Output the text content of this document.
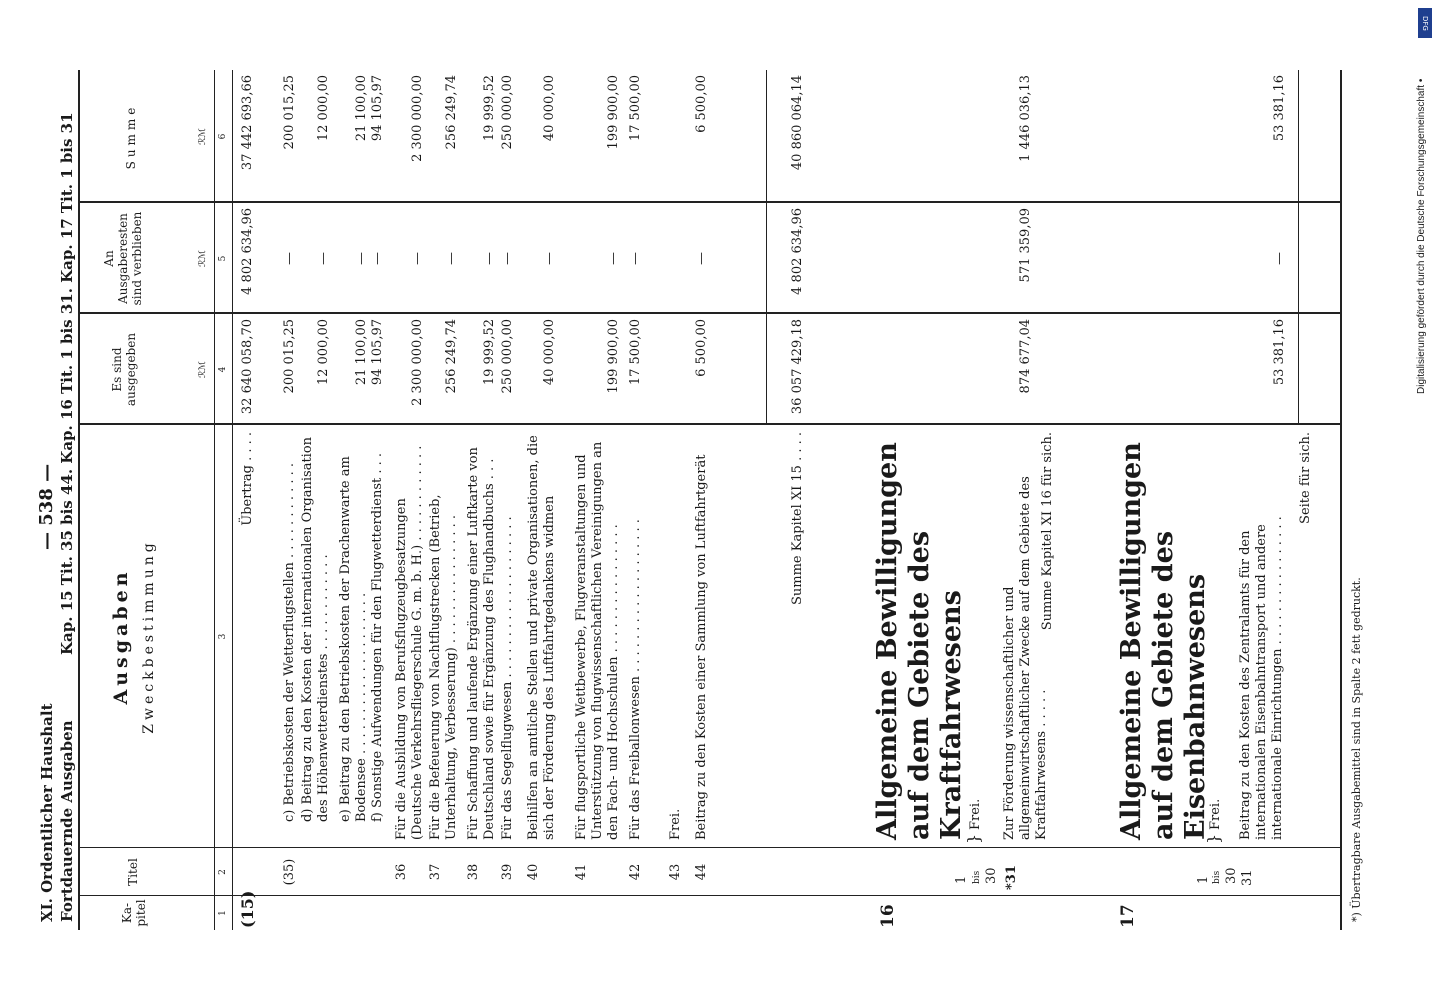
XI. Ordentlicher Haushalt Fortdauernde Ausgaben
— 538 — Kap. 15 Tit. 35 bis 44. Kap. 16 Tit. 1 bis 31. Kap. 17 Tit. 1 bis 31
Ka-
pitel
Titel
Ausgaben Zweckbestimmung
Es sind
ausgegeben
An
Ausgaberesten
sind verblieben
Summe
ℛℳ
ℛℳ
ℛℳ
1
2
3
4
5
6
(15)
Übertrag . . . .
32 640 058,70
4 802 634,96
37 442 693,66
(35)
c) Betriebskosten der Wetterflugstellen . . . . . . . . . . . .
200 015,25
—
200 015,25
d) Beitrag zu den Kosten der internationalen Organisation des Höhenwetterdienstes . . . . . . . . . . . .
12 000,00
—
12 000,00
e) Beitrag zu den Betriebskosten der Drachenwarte am Bodensee . . . . . . . . . . . . . . . . . . . .
21 100,00
—
21 100,00
f) Sonstige Aufwendungen für den Flugwetterdienst . . .
94 105,97
—
94 105,97
36
Für die Ausbildung von Berufsflugzeugbesatzungen (Deutsche Verkehrsfliegerschule G. m. b. H.) . . . . . . . . . . . .
2 300 000,00
—
2 300 000,00
37
Für die Befeuerung von Nachtflugstrecken (Betrieb, Unterhaltung, Verbesserung) . . . . . . . . . . . . . . . .
256 249,74
—
256 249,74
38
Für Schaffung und laufende Ergänzung einer Luftkarte von Deutschland sowie für Ergänzung des Flughandbuchs . . .
19 999,52
—
19 999,52
39
Für das Segelflugwesen . . . . . . . . . . . . . . . . . . . .
250 000,00
—
250 000,00
40
Beihilfen an amtliche Stellen und private Organisationen, die sich der Förderung des Luftfahrtgedankens widmen
40 000,00
—
40 000,00
41
Für flugsportliche Wettbewerbe, Flugveranstaltungen und Unterstützung von flugwissenschaftlichen Vereinigungen an den Fach- und Hochschulen . . . . . . . . . . . . . . . .
199 900,00
—
199 900,00
42
Für das Freiballonwesen . . . . . . . . . . . . . . . . . . .
17 500,00
—
17 500,00
43
Frei.
44
Beitrag zu den Kosten einer Sammlung von Luftfahrtgerät
6 500,00
—
6 500,00
Summe Kapitel XI 15 . . . .
36 057 429,18
4 802 634,96
40 860 064,14
16
Allgemeine Bewilligungen auf dem Gebiete des Kraftfahrwesens
1 bis 30
}
Frei.
*31
Zur Förderung wissenschaftlicher und allgemeinwirtschaftlicher Zwecke auf dem Gebiete des Kraftfahrwesens . . . . .
Summe Kapitel XI 16 für sich.
874 677,04
571 359,09
1 446 036,13
17
Allgemeine Bewilligungen auf dem Gebiete des Eisenbahnwesens
1 bis 30
}
Frei.
31
Beitrag zu den Kosten des Zentralamts für den internationalen Eisenbahntransport und andere internationale Einrichtungen . . . . . . . . . . . . . . . .
Seite für sich.
53 381,16
—
53 381,16
*) Übertragbare Ausgabemittel sind in Spalte 2 fett gedruckt.
DFG
Digitalisierung gefördert durch die Deutsche Forschungsgemeinschaft •
